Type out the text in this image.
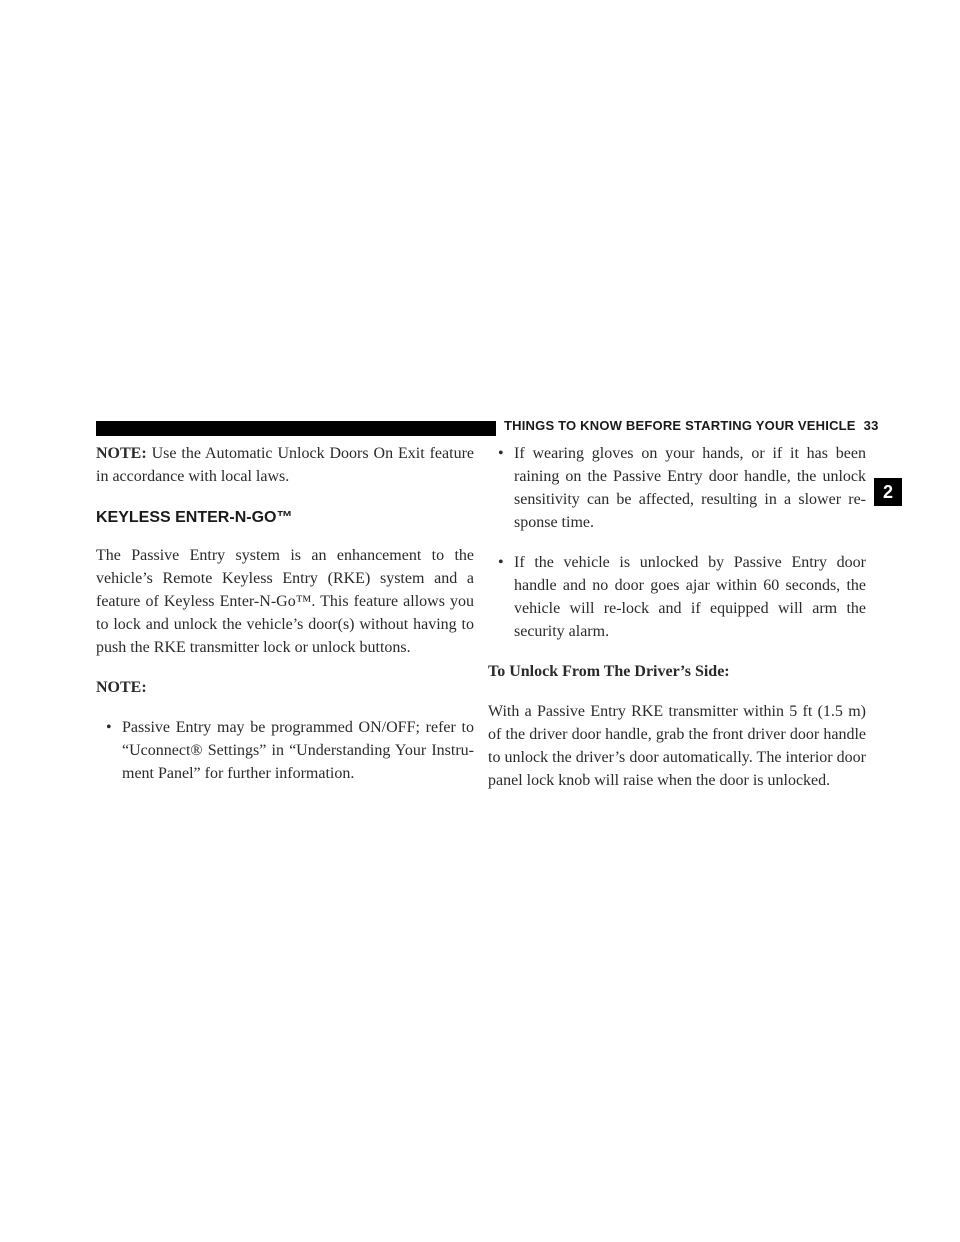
THINGS TO KNOW BEFORE STARTING YOUR VEHICLE 33
2

NOTE: Use the Automatic Unlock Doors On Exit feature in accordance with local laws.

KEYLESS ENTER-N-GO™

The Passive Entry system is an enhancement to the vehicle’s Remote Keyless Entry (RKE) system and a feature of Keyless Enter-N-Go™. This feature allows you to lock and unlock the vehicle’s door(s) without having to push the RKE transmitter lock or unlock buttons.

NOTE:

• Passive Entry may be programmed ON/OFF; refer to “Uconnect® Settings” in “Understanding Your Instru-ment Panel” for further information.
• If wearing gloves on your hands, or if it has been raining on the Passive Entry door handle, the unlock sensitivity can be affected, resulting in a slower re-sponse time.
• If the vehicle is unlocked by Passive Entry door handle and no door goes ajar within 60 seconds, the vehicle will re-lock and if equipped will arm the security alarm.

To Unlock From The Driver’s Side:

With a Passive Entry RKE transmitter within 5 ft (1.5 m) of the driver door handle, grab the front driver door handle to unlock the driver’s door automatically. The interior door panel lock knob will raise when the door is unlocked.
